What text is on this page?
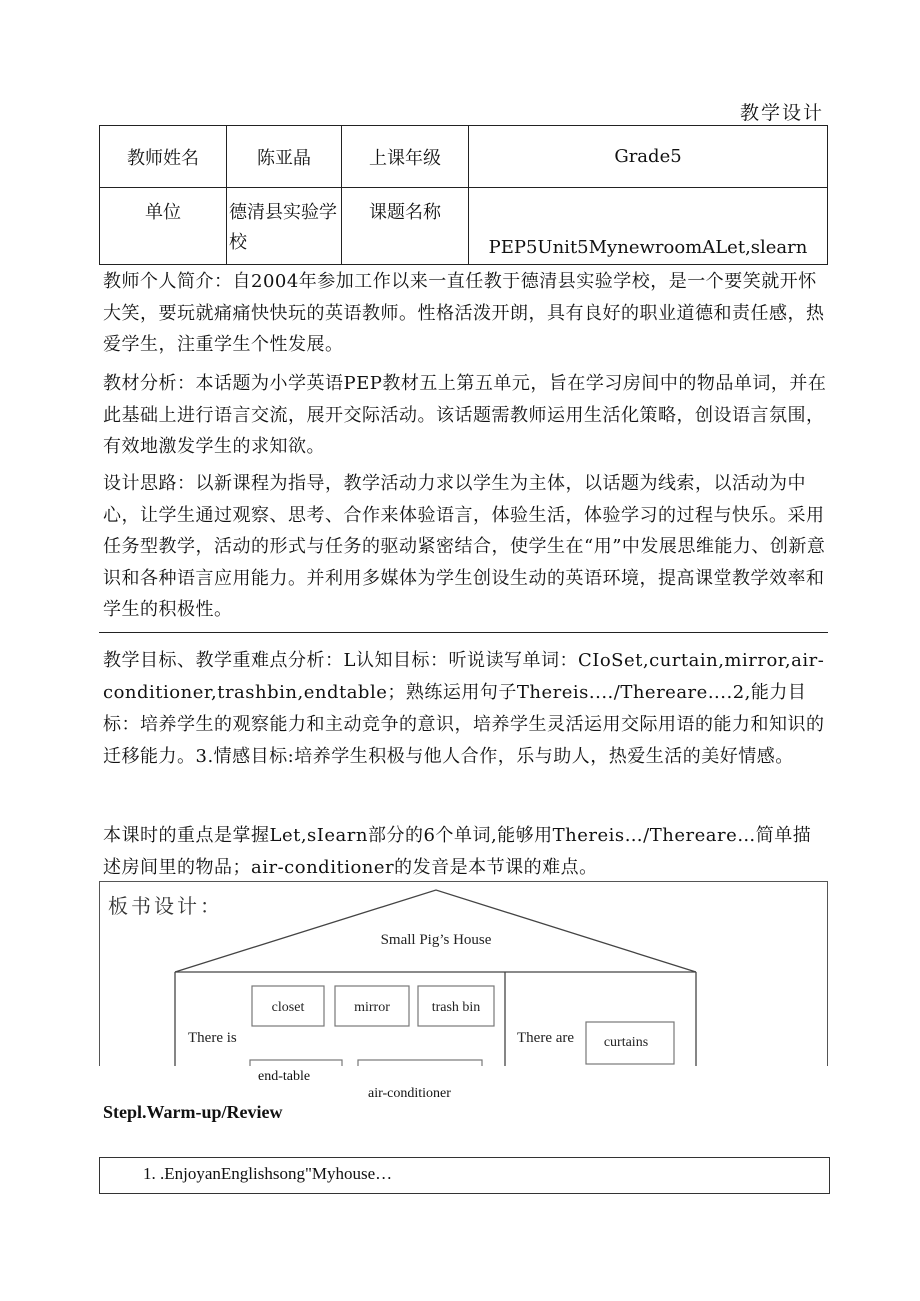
教学设计
教师姓名	陈亚晶	上课年级	Grade5
单位	德清县实验学校	课题名称	PEP5Unit5MynewroomALet,slearn
教师个人简介：自2004年参加工作以来一直任教于德清县实验学校，是一个要笑就开怀大笑，要玩就痛痛快快玩的英语教师。性格活泼开朗，具有良好的职业道德和责任感，热爱学生，注重学生个性发展。
教材分析：本话题为小学英语PEP教材五上第五单元，旨在学习房间中的物品单词，并在此基础上进行语言交流，展开交际活动。该话题需教师运用生活化策略，创设语言氛围，有效地激发学生的求知欲。
设计思路：以新课程为指导，教学活动力求以学生为主体，以话题为线索，以活动为中心，让学生通过观察、思考、合作来体验语言，体验生活，体验学习的过程与快乐。采用任务型教学，活动的形式与任务的驱动紧密结合，使学生在“用”中发展思维能力、创新意识和各种语言应用能力。并利用多媒体为学生创设生动的英语环境，提高课堂教学效率和学生的积极性。
教学目标、教学重难点分析：L认知目标：听说读写单词：CIoSet,curtain,mirror,air-conditioner,trashbin,endtable；熟练运用句子Thereis..../Thereare....2,能力目标：培养学生的观察能力和主动竞争的意识，培养学生灵活运用交际用语的能力和知识的迁移能力。3.情感目标:培养学生积极与他人合作，乐与助人，热爱生活的美好情感。
本课时的重点是掌握Let,sIearn部分的6个单词,能够用Thereis…/Thereare…简单描述房间里的物品；air-conditioner的发音是本节课的难点。
板书设计：
Small Pig’s House
closet	mirror	trash bin
There is	There are curtains
end-table
air-conditioner
Stepl.Warm-up/Review
1. .EnjoyanEnglishsong"Myhouse…
